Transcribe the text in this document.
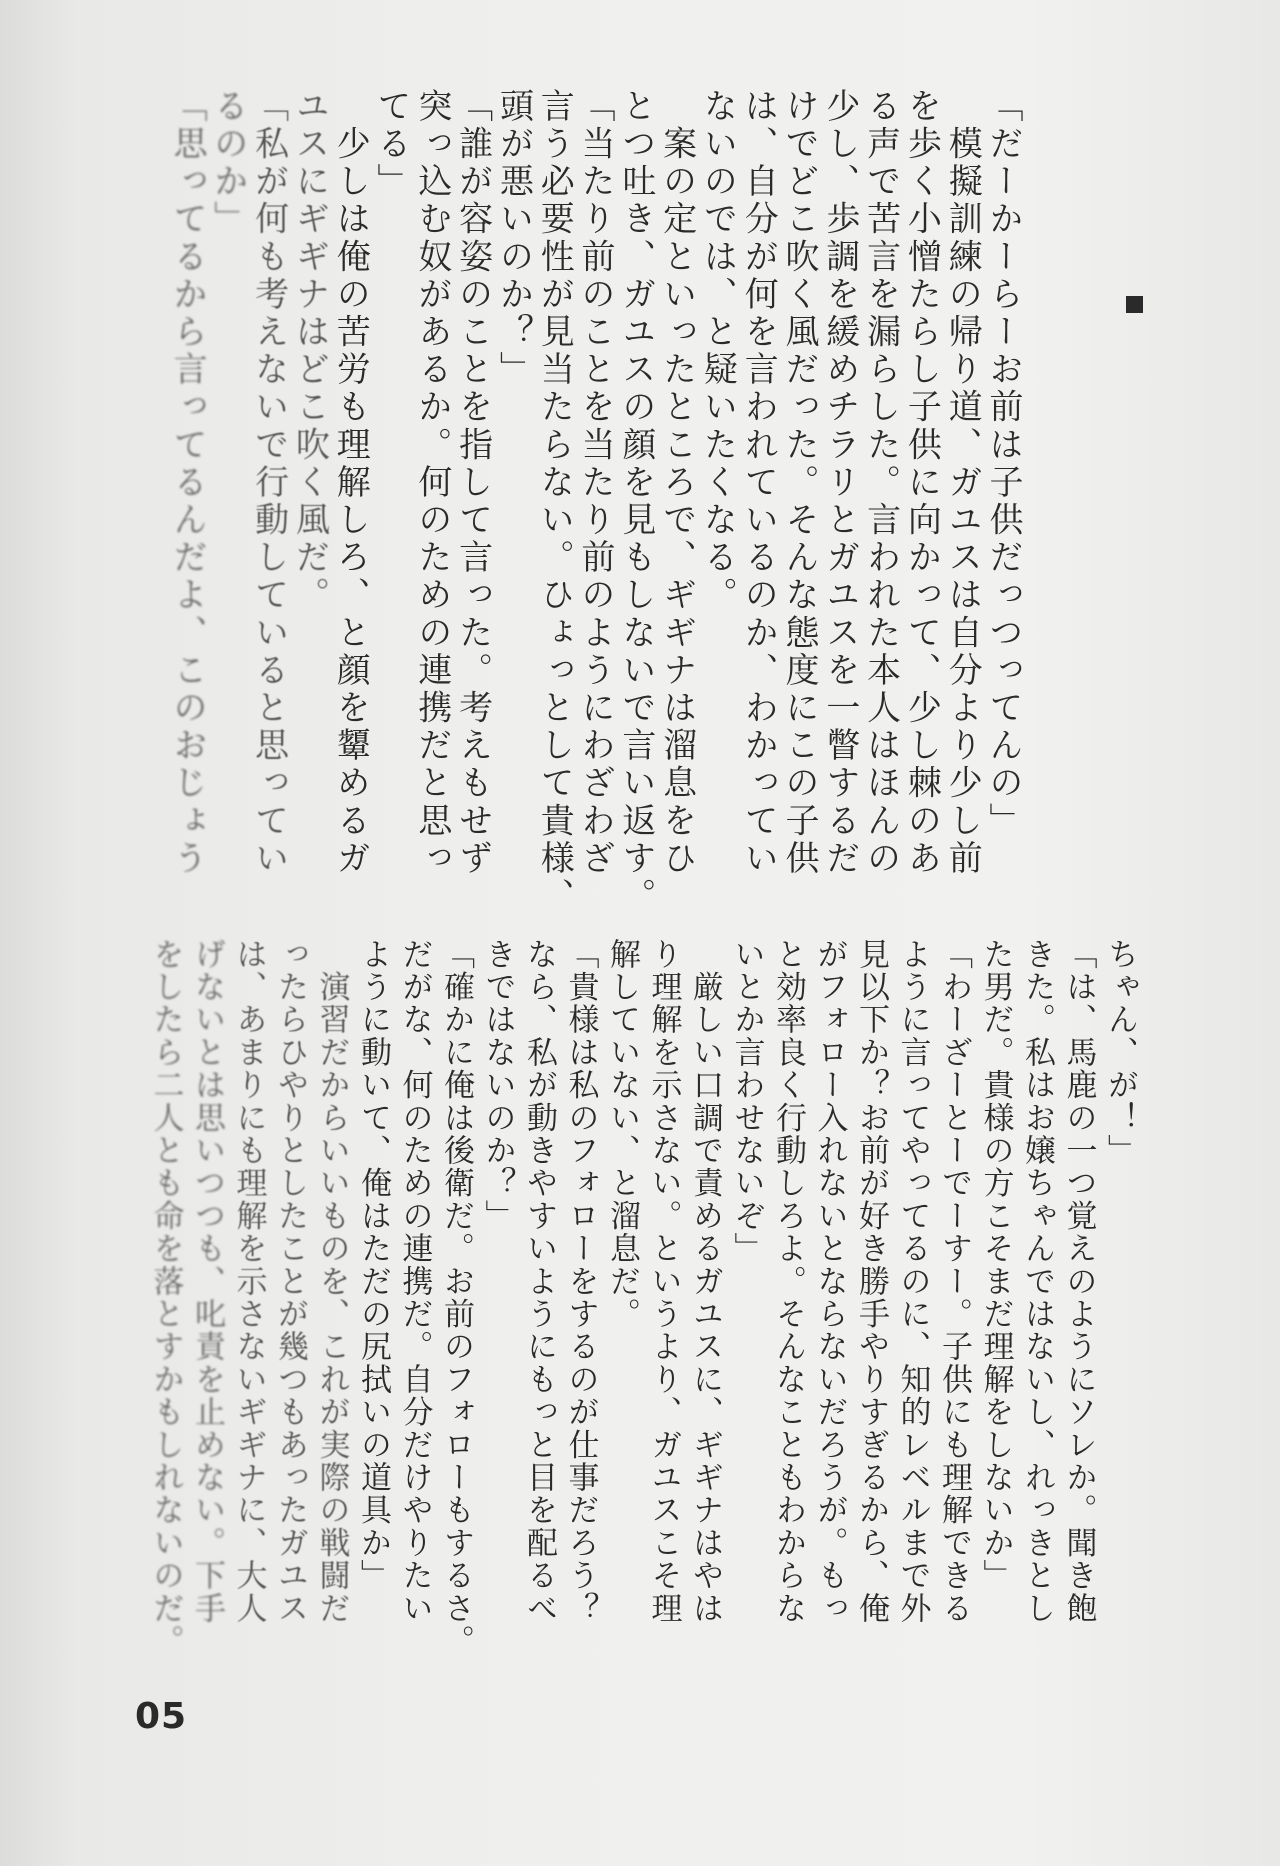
「だーかーらーお前は子供だっつってんの」
　模擬訓練の帰り道、ガユスは自分より少し前
を歩く小憎たらし子供に向かって、少し棘のあ
る声で苦言を漏らした。言われた本人はほんの
少し、歩調を緩めチラリとガユスを一瞥するだ
けでどこ吹く風だった。そんな態度にこの子供
は、自分が何を言われているのか、わかってい
ないのでは、と疑いたくなる。
　案の定といったところで、ギギナは溜息をひ
とつ吐き、ガユスの顔を見もしないで言い返す。
「当たり前のことを当たり前のようにわざわざ
言う必要性が見当たらない。ひょっとして貴様、
頭が悪いのか？」
「誰が容姿のことを指して言った。考えもせず
突っ込む奴があるか。何のための連携だと思っ
てる」
　少しは俺の苦労も理解しろ、と顔を顰めるガ
ユスにギギナはどこ吹く風だ。
「私が何も考えないで行動していると思ってい
るのか」
「思ってるから言ってるんだよ、このおじょう
ちゃん、が！」
「は、馬鹿の一つ覚えのようにソレか。聞き飽
きた。私はお嬢ちゃんではないし、れっきとし
た男だ。貴様の方こそまだ理解をしないか」
「わーざーとーでーすー。子供にも理解できる
ように言ってやってるのに、知的レベルまで外
見以下か？お前が好き勝手やりすぎるから、俺
がフォロー入れないとならないだろうが。もっ
と効率良く行動しろよ。そんなこともわからな
いとか言わせないぞ」
　厳しい口調で責めるガユスに、ギギナはやは
り理解を示さない。というより、ガユスこそ理
解していない、と溜息だ。
「貴様は私のフォローをするのが仕事だろう？
なら、私が動きやすいようにもっと目を配るべ
きではないのか？」
「確かに俺は後衛だ。お前のフォローもするさ。
だがな、何のための連携だ。自分だけやりたい
ように動いて、俺はただの尻拭いの道具か」
　演習だからいいものを、これが実際の戦闘だ
ったらひやりとしたことが幾つもあったガユス
は、あまりにも理解を示さないギギナに、大人
げないとは思いつつも、叱責を止めない。下手
をしたら二人とも命を落とすかもしれないのだ。
05
